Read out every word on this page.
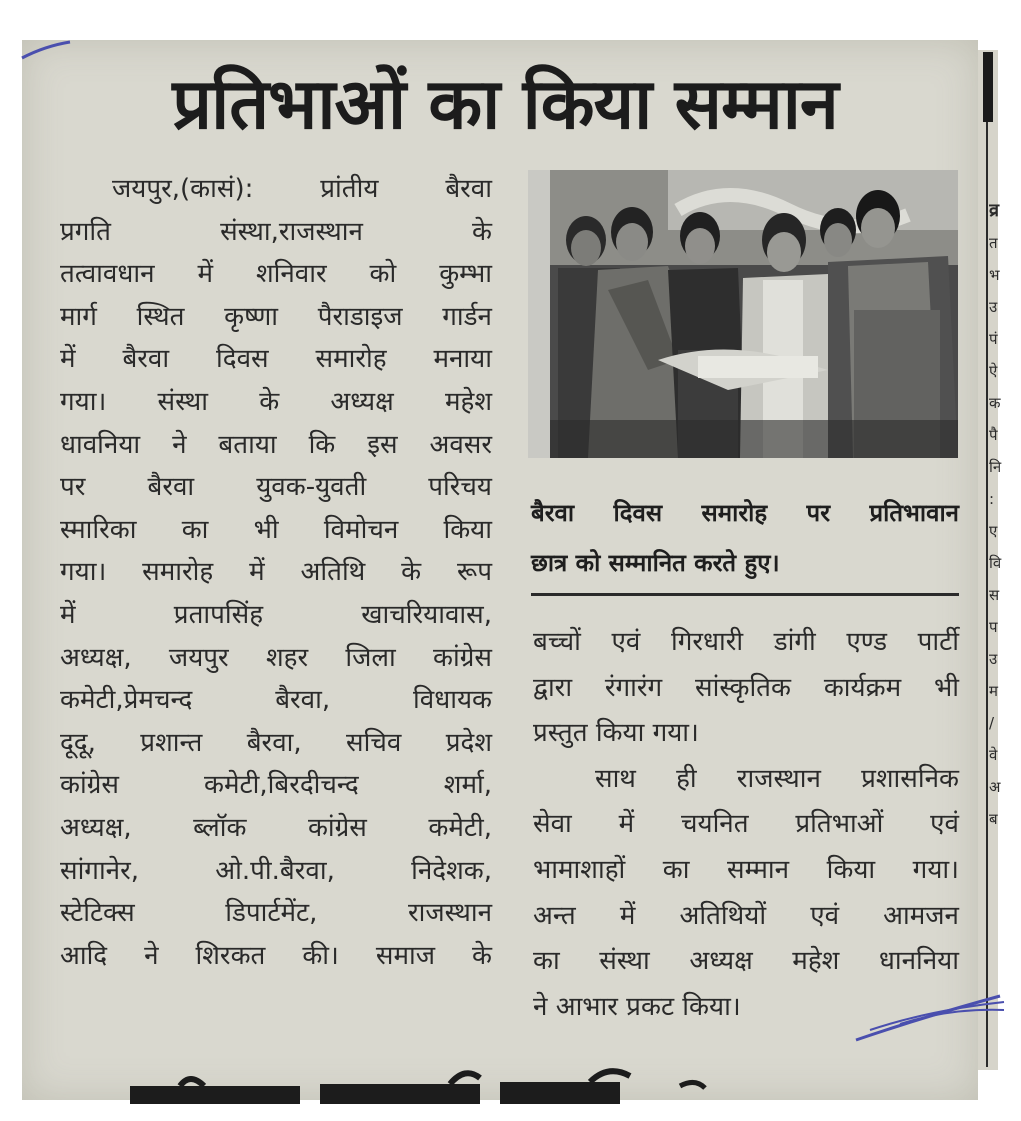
व्र
त
भ
उ
पं
ऐ
क
पै
नि
:
ए
वि
स
प
उ
म
/
वे
अ
ब
प्रतिभाओं का किया सम्मान
जयपुर,(कासं): प्रांतीय बैरवा
प्रगति संस्था,राजस्थान के
तत्वावधान में शनिवार को कुम्भा
मार्ग स्थित कृष्णा पैराडाइज गार्डन
में बैरवा दिवस समारोह मनाया
गया। संस्था के अध्यक्ष महेश
धावनिया ने बताया कि इस अवसर
पर बैरवा युवक-युवती परिचय
स्मारिका का भी विमोचन किया
गया। समारोह में अतिथि के रूप
में प्रतापसिंह खाचरियावास,
अध्यक्ष, जयपुर शहर जिला कांग्रेस
कमेटी,प्रेमचन्द बैरवा, विधायक
दूदू, प्रशान्त बैरवा, सचिव प्रदेश
कांग्रेस कमेटी,बिरदीचन्द शर्मा,
अध्यक्ष, ब्लॉक कांग्रेस कमेटी,
सांगानेर, ओ.पी.बैरवा, निदेशक,
स्टेटिक्स डिपार्टमेंट, राजस्थान
आदि ने शिरकत की। समाज के
बैरवा दिवस समारोह पर प्रतिभावान
छात्र को सम्मानित करते हुए।
बच्चों एवं गिरधारी डांगी एण्ड पार्टी
द्वारा रंगारंग सांस्कृतिक कार्यक्रम भी
प्रस्तुत किया गया।
साथ ही राजस्थान प्रशासनिक
सेवा में चयनित प्रतिभाओं एवं
भामाशाहों का सम्मान किया गया।
अन्त में अतिथियों एवं आमजन
का संस्था अध्यक्ष महेश धाननिया
ने आभार प्रकट किया।
